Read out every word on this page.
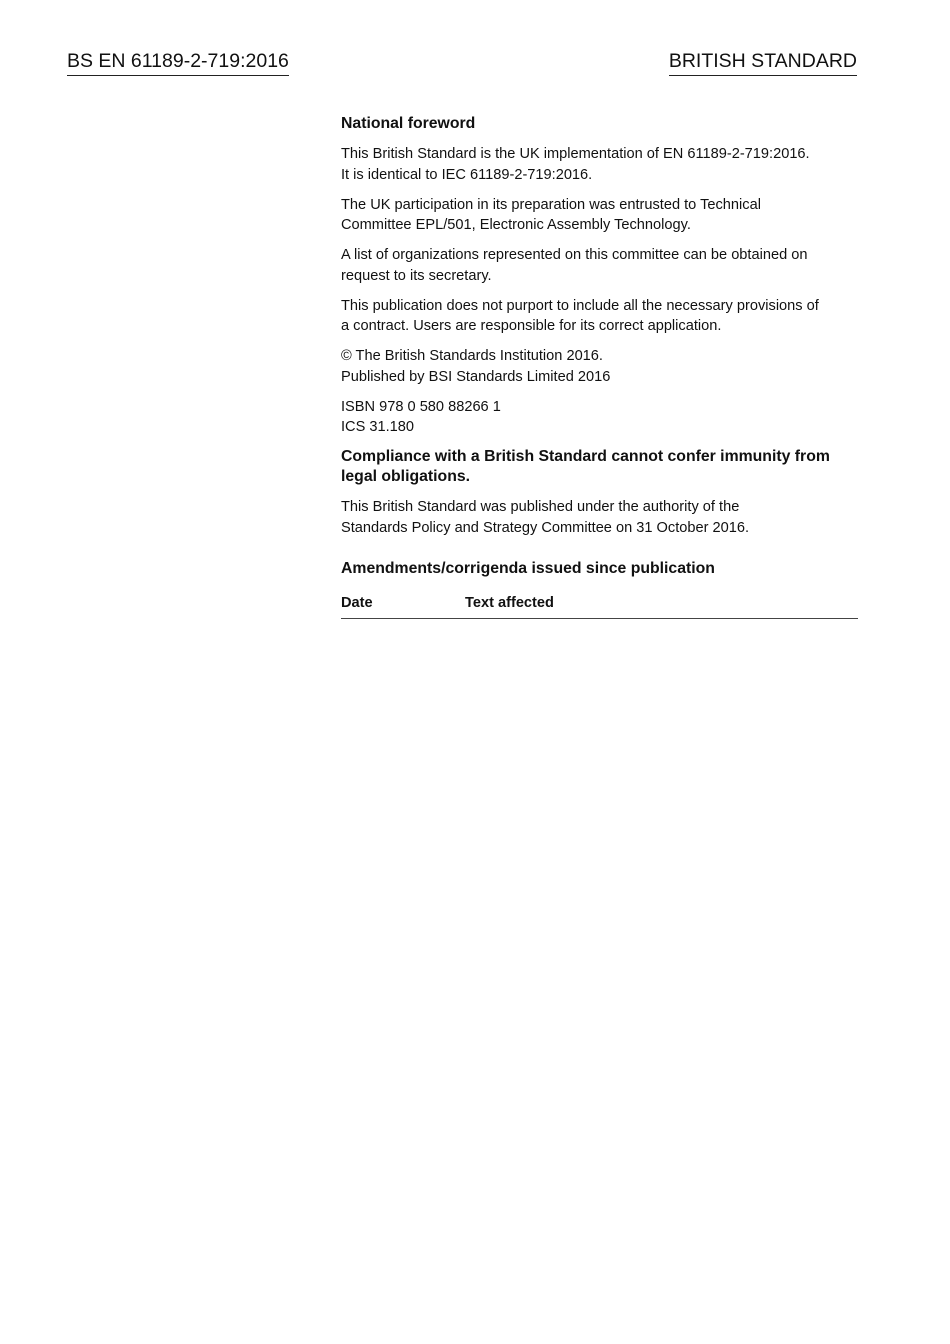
BS EN 61189-2-719:2016	BRITISH STANDARD
National foreword

This British Standard is the UK implementation of EN 61189-2-719:2016.
It is identical to IEC 61189-2-719:2016.

The UK participation in its preparation was entrusted to Technical
Committee EPL/501, Electronic Assembly Technology.

A list of organizations represented on this committee can be obtained on
request to its secretary.

This publication does not purport to include all the necessary provisions of
a contract. Users are responsible for its correct application.

© The British Standards Institution 2016.
Published by BSI Standards Limited 2016

ISBN 978 0 580 88266 1
ICS 31.180

Compliance with a British Standard cannot confer immunity from
legal obligations.

This British Standard was published under the authority of the
Standards Policy and Strategy Committee on 31 October 2016.

Amendments/corrigenda issued since publication
Date	Text affected
